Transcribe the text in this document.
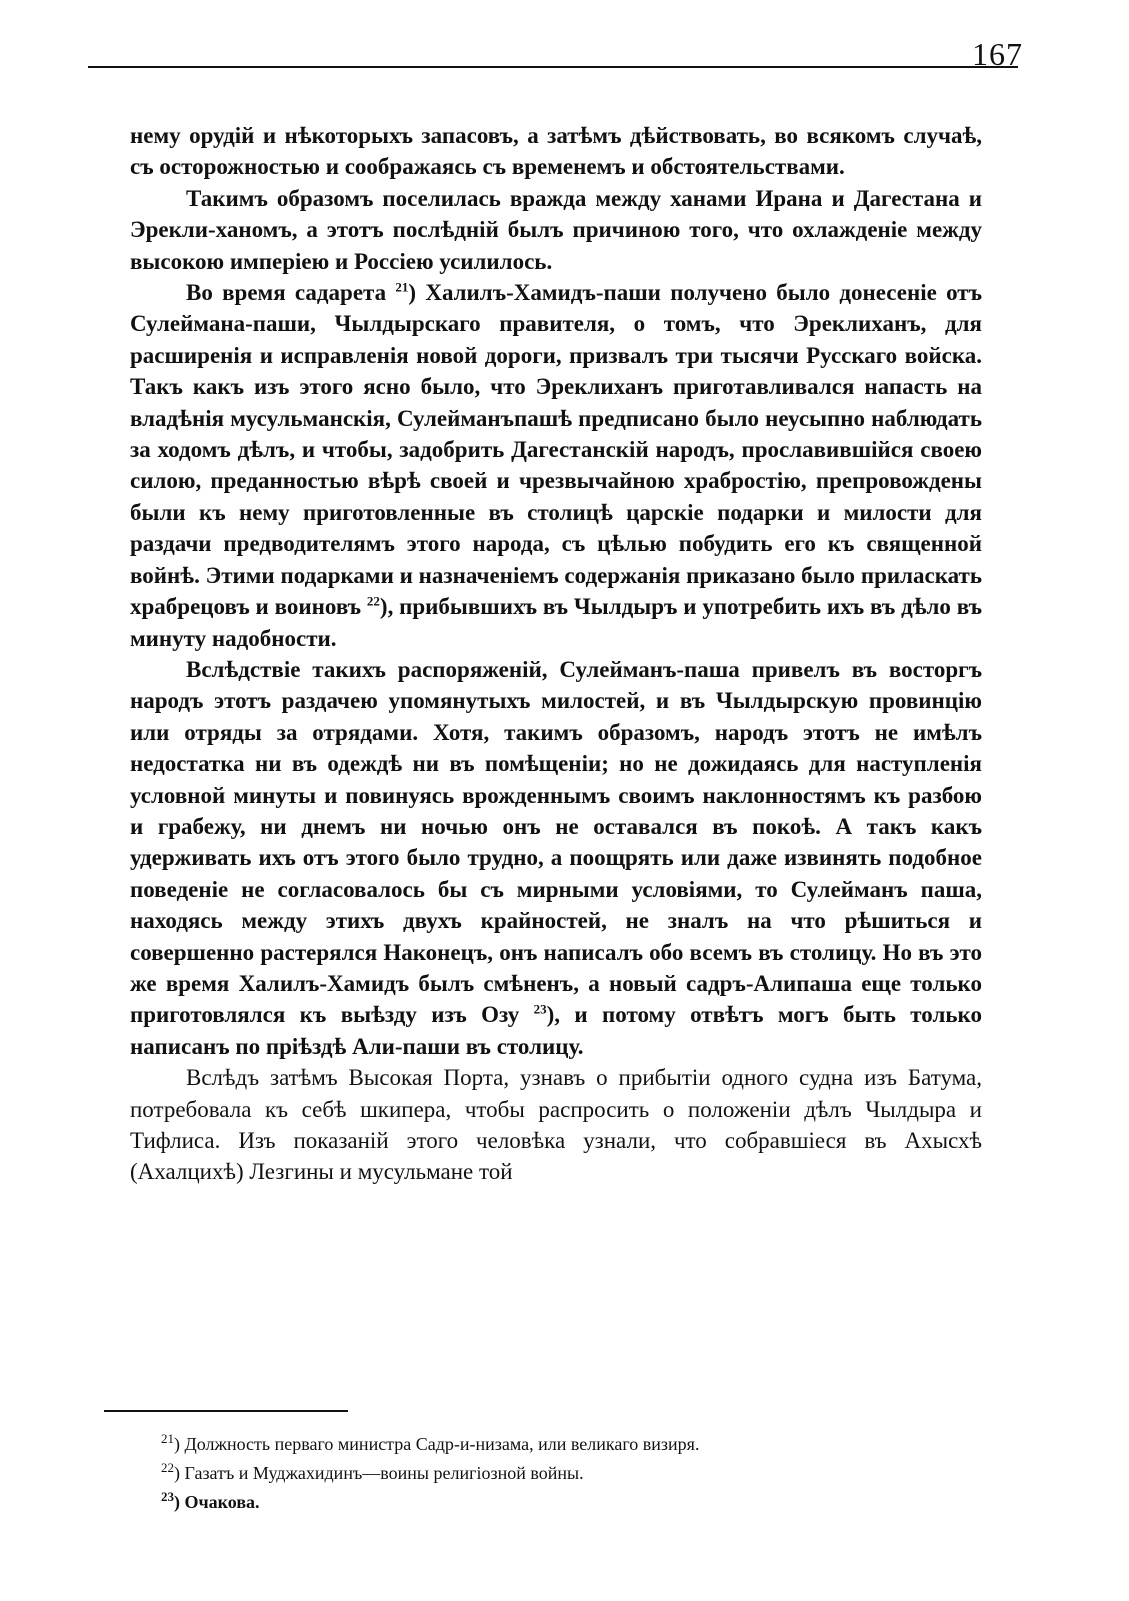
167

нему орудій и нѣкоторыхъ запасовъ, а затѣмъ дѣйствовать, во всякомъ случаѣ, съ осторожностью и соображаясь съ временемъ и обстоятельствами.

Такимъ образомъ поселилась вражда между ханами Ирана и Дагестана и Эрекли-ханомъ, а этотъ послѣдній былъ причиною того, что охлажденіе между высокою имперіею и Россіею усилилось.

Во время садарета $^{21}$) Халилъ-Хамидъ-паши получено было донесеніе отъ Сулеймана-паши, Чылдырскаго правителя, о томъ, что Эреклиханъ, для расширенія и исправленія новой дороги, призвалъ три тысячи Русскаго войска. Такъ какъ изъ этого ясно было, что Эреклиханъ приготавливался напасть на владѣнія мусульманскія, Сулейманъпашѣ предписано было неусыпно наблюдать за ходомъ дѣлъ, и чтобы, задобрить Дагестанскій народъ, прославившійся своею силою, преданностью вѣрѣ своей и чрезвычайною храбростію, препровождены были къ нему приготовленные въ столицѣ царскіе подарки и милости для раздачи предводителямъ этого народа, съ цѣлью побудить его къ священной войнѣ. Этими подарками и назначеніемъ содержанія приказано было приласкать храбрецовъ и воиновъ $^{22}$), прибывшихъ въ Чылдыръ и употребить ихъ въ дѣло въ минуту надобности.

Вслѣдствіе такихъ распоряженій, Сулейманъ-паша привелъ въ восторгъ народъ этотъ раздачею упомянутыхъ милостей, и въ Чылдырскую провинцію или отряды за отрядами. Хотя, такимъ образомъ, народъ этотъ не имѣлъ недостатка ни въ одеждѣ ни въ помѣщеніи; но не дожидаясь для наступленія условной минуты и повинуясь врожденнымъ своимъ наклонностямъ къ разбою и грабежу, ни днемъ ни ночью онъ не оставался въ покоѣ. А такъ какъ удерживать ихъ отъ этого было трудно, а поощрять или даже извинять подобное поведеніе не согласовалось бы съ мирными условіями, то Сулейманъ паша, находясь между этихъ двухъ крайностей, не зналъ на что рѣшиться и совершенно растерялся Наконецъ, онъ написалъ обо всемъ въ столицу. Но въ это же время Халилъ-Хамидъ былъ смѣненъ, а новый садръ-Алипаша еще только приготовлялся къ выѣзду изъ Озу $^{23}$), и потому отвѣтъ могъ быть только написанъ по пріѣздѣ Али-паши въ столицу.

Вслѣдъ затѣмъ Высокая Порта, узнавъ о прибытіи одного судна изъ Батума, потребовала къ себѣ шкипера, чтобы распросить о положеніи дѣлъ Чылдыра и Тифлиса. Изъ показаній этого человѣка узнали, что собравшіеся въ Ахысхѣ (Ахалцихѣ) Лезгины и мусульмане той

$^{21}$) Должность перваго министра Садр-и-низама, или великаго визиря.

$^{22}$) Газатъ и Муджахидинъ—воины религіозной войны.

$^{23}$) Очакова.
